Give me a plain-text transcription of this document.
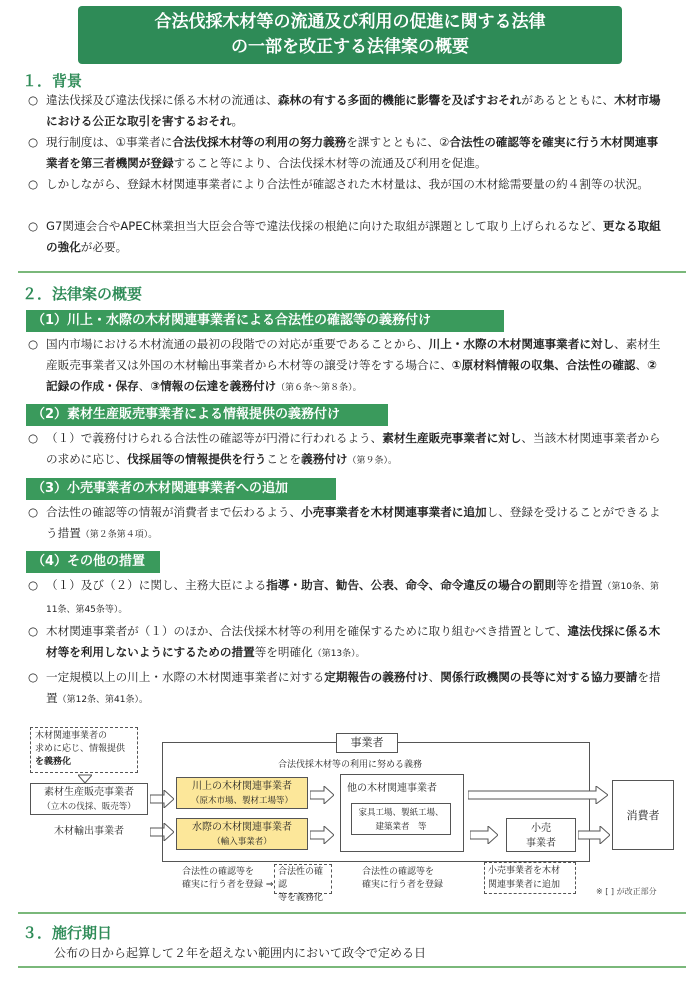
合法伐採木材等の流通及び利用の促進に関する法律
の一部を改正する法律案の概要
１．背景
○ 違法伐採及び違法伐採に係る木材の流通は、森林の有する多面的機能に影響を及ぼすおそれがあるとともに、木材市場における公正な取引を害するおそれ。
○ 現行制度は、①事業者に合法伐採木材等の利用の努力義務を課すとともに、②合法性の確認等を確実に行う木材関連事業者を第三者機関が登録すること等により、合法伐採木材等の流通及び利用を促進。
○ しかしながら、登録木材関連事業者により合法性が確認された木材量は、我が国の木材総需要量の約４割等の状況。
○ G7関連会合やAPEC林業担当大臣会合等で違法伐採の根絶に向けた取組が課題として取り上げられるなど、更なる取組の強化が必要。
２．法律案の概要
（1）川上・水際の木材関連事業者による合法性の確認等の義務付け
○ 国内市場における木材流通の最初の段階での対応が重要であることから、川上・水際の木材関連事業者に対し、素材生産販売事業者又は外国の木材輸出事業者から木材等の譲受け等をする場合に、①原材料情報の収集、合法性の確認、②記録の作成・保存、③情報の伝達を義務付け（第６条～第８条）。
（2）素材生産販売事業者による情報提供の義務付け
○ （１）で義務付けられる合法性の確認等が円滑に行われるよう、素材生産販売事業者に対し、当該木材関連事業者からの求めに応じ、伐採届等の情報提供を行うことを義務付け（第９条）。
（3）小売事業者の木材関連事業者への追加
○ 合法性の確認等の情報が消費者まで伝わるよう、小売事業者を木材関連事業者に追加し、登録を受けることができるよう措置（第２条第４項）。
（4）その他の措置
○ （１）及び（２）に関し、主務大臣による指導・助言、勧告、公表、命令、命令違反の場合の罰則等を措置（第10条、第11条、第45条等）。
○ 木材関連事業者が（１）のほか、合法伐採木材等の利用を確保するために取り組むべき措置として、違法伐採に係る木材等を利用しないようにするための措置等を明確化（第13条）。
○ 一定規模以上の川上・水際の木材関連事業者に対する定期報告の義務付け、関係行政機関の長等に対する協力要請を措置（第12条、第41条）。
木材関連事業者の
求めに応じ、情報提供
を義務化
素材生産販売事業者
（立木の伐採、販売等）
木材輸出事業者
事業者
合法伐採木材等の利用に努める義務
川上の木材関連事業者
（原木市場、製材工場等）
水際の木材関連事業者
（輸入事業者）
他の木材関連事業者
家具工場、製紙工場、
建築業者　等	小売
事業者
消費者
合法性の確認等を
確実に行う者を登録 ⇒
合法性の確認
等を義務化
合法性の確認等を
確実に行う者を登録
小売事業者を木材
関連事業者に追加
※ [ ] が改正部分
３．施行期日
公布の日から起算して２年を超えない範囲内において政令で定める日
